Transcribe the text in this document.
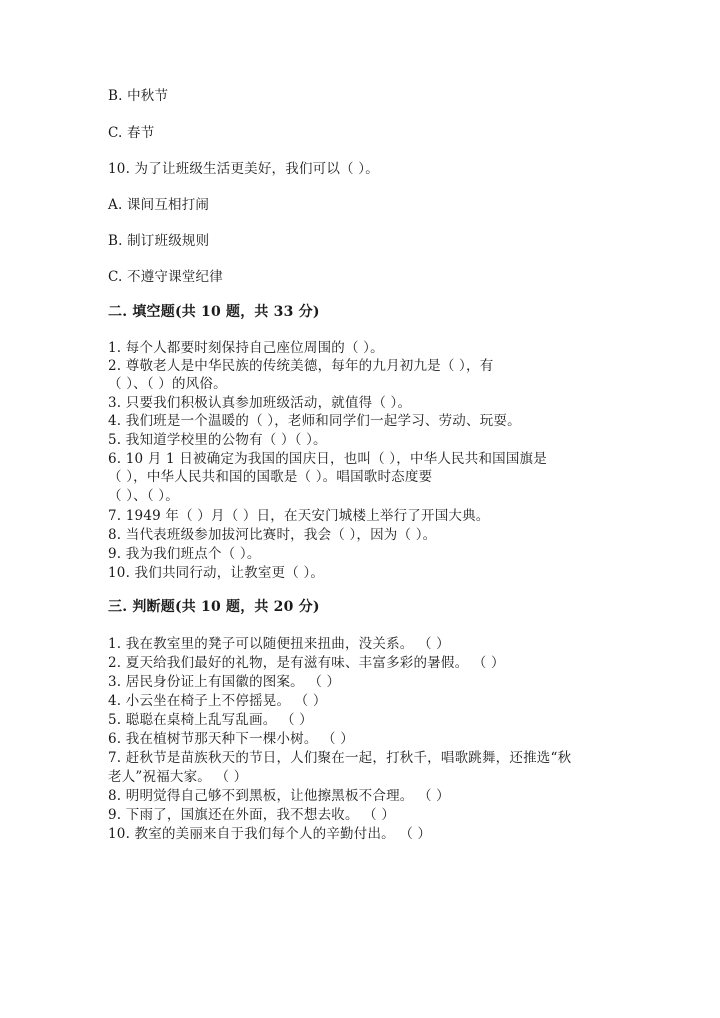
B. 中秋节
C. 春节
10. 为了让班级生活更美好，我们可以（ ）。
A. 课间互相打闹
B. 制订班级规则
C. 不遵守课堂纪律
二. 填空题(共 10 题，共 33 分)
1. 每个人都要时刻保持自己座位周围的（ ）。
2. 尊敬老人是中华民族的传统美德，每年的九月初九是（ ），有
（ ）、（ ）的风俗。
3. 只要我们积极认真参加班级活动，就值得（ ）。
4. 我们班是一个温暖的（ ），老师和同学们一起学习、劳动、玩耍。
5. 我知道学校里的公物有（ ）（ ）。
6. 10 月 1 日被确定为我国的国庆日，也叫（ ），中华人民共和国国旗是
（ ），中华人民共和国的国歌是（ ）。唱国歌时态度要
（ ）、（ ）。
7. 1949 年（ ）月（ ）日，在天安门城楼上举行了开国大典。
8. 当代表班级参加拔河比赛时，我会（ ），因为（ ）。
9. 我为我们班点个（ ）。
10. 我们共同行动，让教室更（ ）。
三. 判断题(共 10 题，共 20 分)
1. 我在教室里的凳子可以随便扭来扭曲，没关系。 （ ）
2. 夏天给我们最好的礼物，是有滋有味、丰富多彩的暑假。 （ ）
3. 居民身份证上有国徽的图案。 （ ）
4. 小云坐在椅子上不停摇晃。 （ ）
5. 聪聪在桌椅上乱写乱画。 （ ）
6. 我在植树节那天种下一棵小树。 （ ）
7. 赶秋节是苗族秋天的节日，人们聚在一起，打秋千，唱歌跳舞，还推选“秋
老人”祝福大家。 （ ）
8. 明明觉得自己够不到黑板，让他擦黑板不合理。 （ ）
9. 下雨了，国旗还在外面，我不想去收。 （ ）
10. 教室的美丽来自于我们每个人的辛勤付出。 （ ）
